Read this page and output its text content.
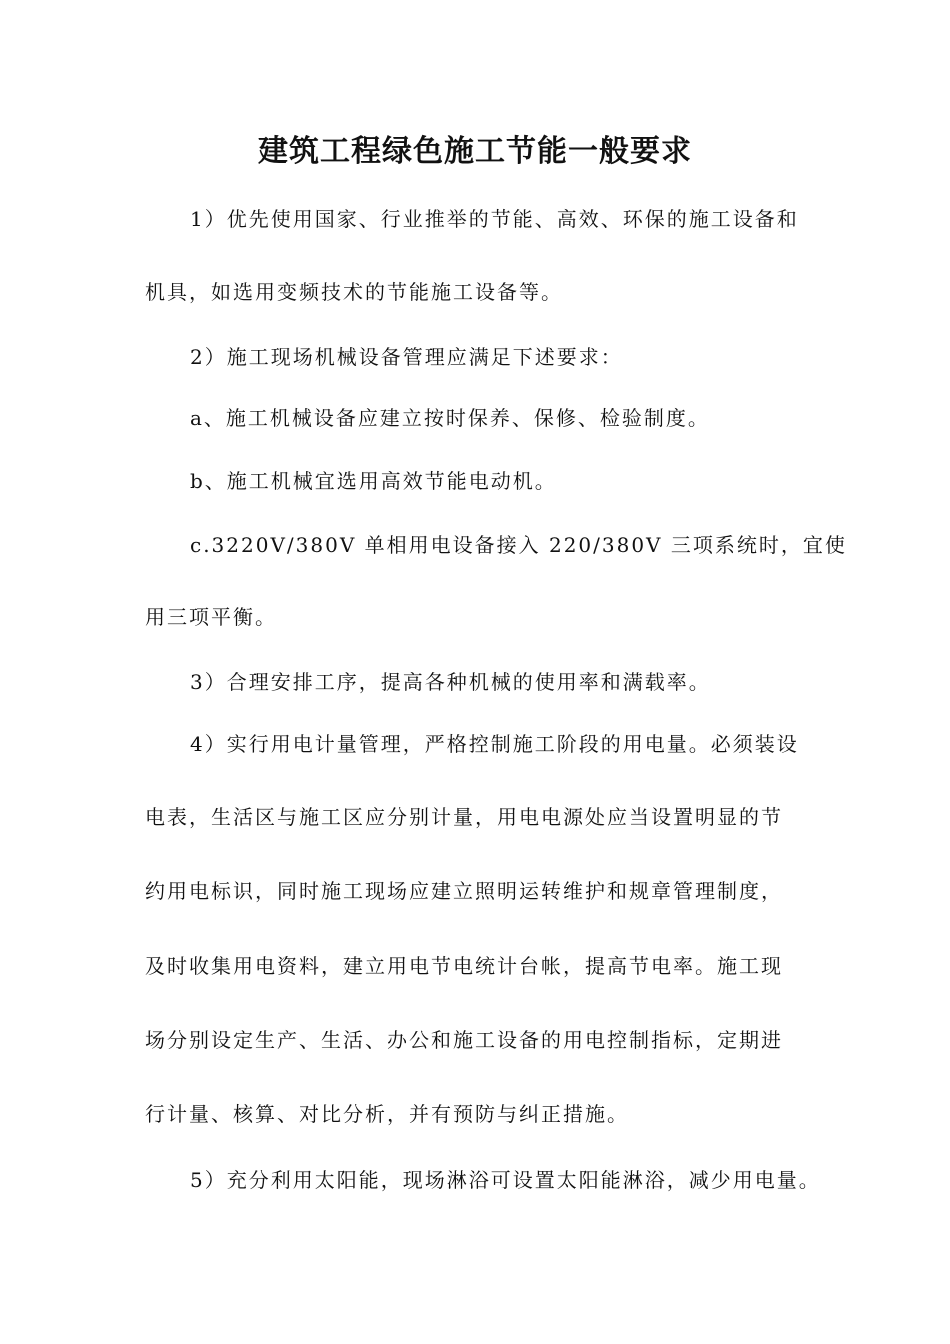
建筑工程绿色施工节能一般要求
1）优先使用国家、行业推举的节能、高效、环保的施工设备和
机具，如选用变频技术的节能施工设备等。
2）施工现场机械设备管理应满足下述要求：
a、施工机械设备应建立按时保养、保修、检验制度。
b、施工机械宜选用高效节能电动机。
c.3220V/380V 单相用电设备接入 220/380V 三项系统时，宜使
用三项平衡。
3）合理安排工序，提高各种机械的使用率和满载率。
4）实行用电计量管理，严格控制施工阶段的用电量。必须装设
电表，生活区与施工区应分别计量，用电电源处应当设置明显的节
约用电标识，同时施工现场应建立照明运转维护和规章管理制度，
及时收集用电资料，建立用电节电统计台帐，提高节电率。施工现
场分别设定生产、生活、办公和施工设备的用电控制指标，定期进
行计量、核算、对比分析，并有预防与纠正措施。
5）充分利用太阳能，现场淋浴可设置太阳能淋浴，减少用电量。
